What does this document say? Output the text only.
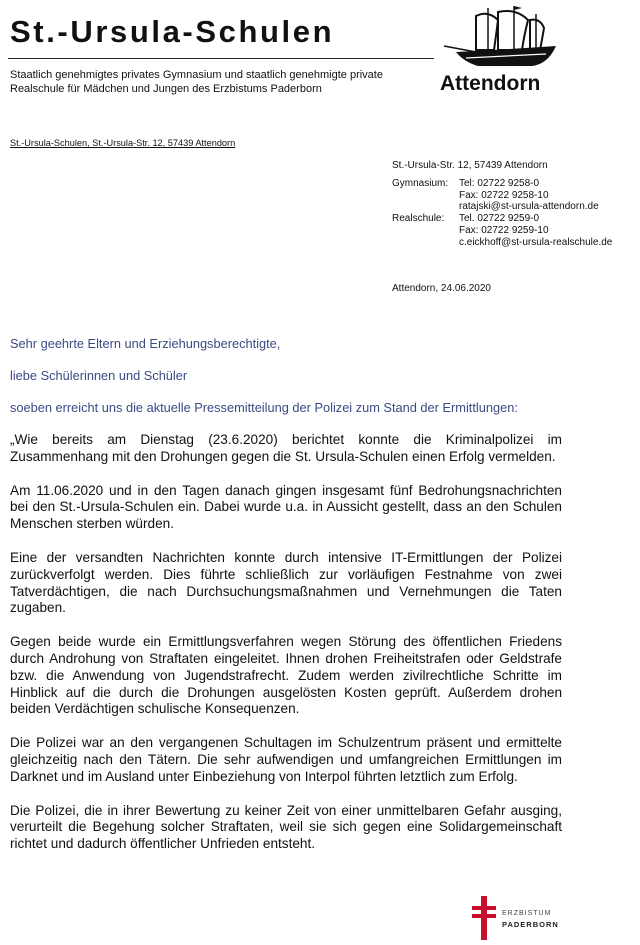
St.-Ursula-Schulen
Staatlich genehmigtes privates Gymnasium und staatlich genehmigte private Realschule für Mädchen und Jungen des Erzbistums Paderborn	Attendorn
St.-Ursula-Schulen, St.-Ursula-Str. 12, 57439 Attendorn
St.-Ursula-Str. 12, 57439 Attendorn
Gymnasium:	Tel: 02722 9258-0
Fax: 02722 9258-10
ratajski@st-ursula-attendorn.de
Realschule:	Tel. 02722 9259-0
Fax: 02722 9259-10
c.eickhoff@st-ursula-realschule.de
Attendorn, 24.06.2020
Sehr geehrte Eltern und Erziehungsberechtigte,
liebe Schülerinnen und Schüler
soeben erreicht uns die aktuelle Pressemitteilung der Polizei zum Stand der Ermittlungen:

„Wie bereits am Dienstag (23.6.2020) berichtet konnte die Kriminalpolizei im Zusammenhang mit den Drohungen gegen die St. Ursula-Schulen einen Erfolg vermelden.

Am 11.06.2020 und in den Tagen danach gingen insgesamt fünf Bedrohungsnachrichten bei den St.-Ursula-Schulen ein. Dabei wurde u.a. in Aussicht gestellt, dass an den Schulen Menschen sterben würden.

Eine der versandten Nachrichten konnte durch intensive IT-Ermittlungen der Polizei zurückverfolgt werden. Dies führte schließlich zur vorläufigen Festnahme von zwei Tatverdächtigen, die nach Durchsuchungsmaßnahmen und Vernehmungen die Taten zugaben.

Gegen beide wurde ein Ermittlungsverfahren wegen Störung des öffentlichen Friedens durch Androhung von Straftaten eingeleitet. Ihnen drohen Freiheitstrafen oder Geldstrafe bzw. die Anwendung von Jugendstrafrecht. Zudem werden zivilrechtliche Schritte im Hinblick auf die durch die Drohungen ausgelösten Kosten geprüft. Außerdem drohen beiden Verdächtigen schulische Konsequenzen.

Die Polizei war an den vergangenen Schultagen im Schulzentrum präsent und ermittelte gleichzeitig nach den Tätern. Die sehr aufwendigen und umfangreichen Ermittlungen im Darknet und im Ausland unter Einbeziehung von Interpol führten letztlich zum Erfolg.

Die Polizei, die in ihrer Bewertung zu keiner Zeit von einer unmittelbaren Gefahr ausging, verurteilt die Begehung solcher Straftaten, weil sie sich gegen eine Solidargemeinschaft richtet und dadurch öffentlicher Unfrieden entsteht.

ERZBISTUM
PADERBORN
